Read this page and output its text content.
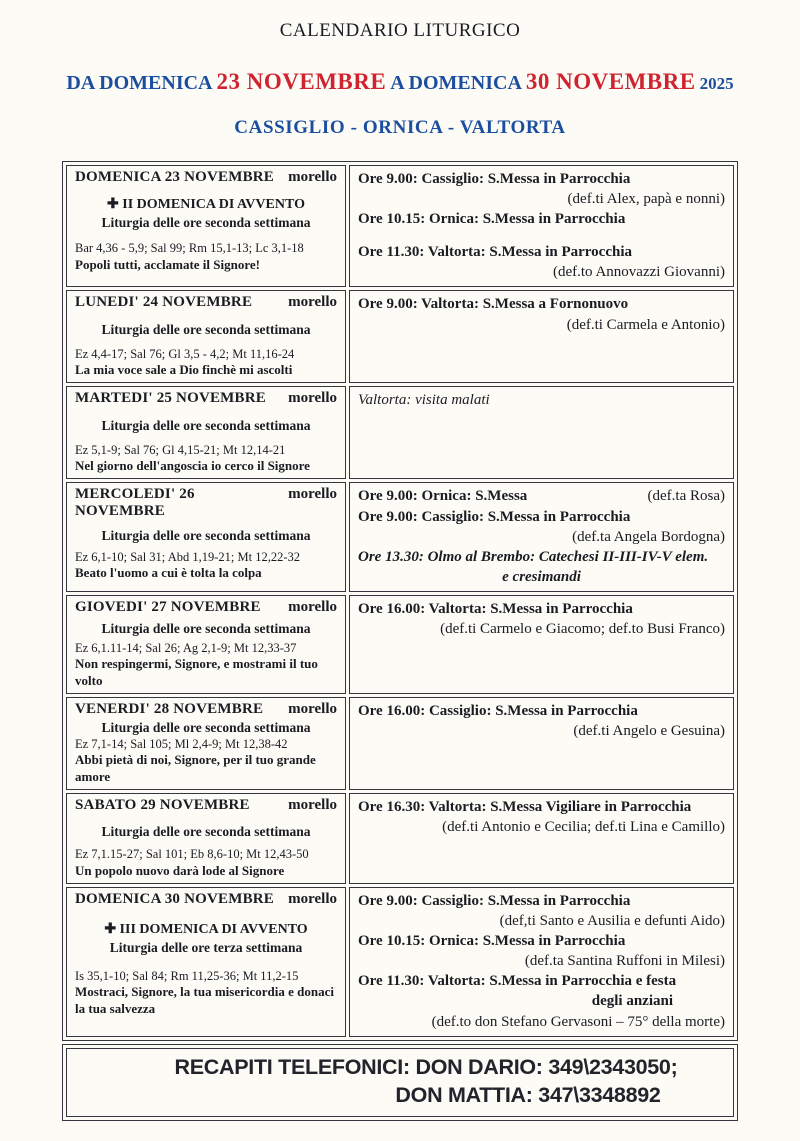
CALENDARIO LITURGICO
DA DOMENICA 23 NOVEMBRE A DOMENICA 30 NOVEMBRE 2025
CASSIGLIO - ORNICA - VALTORTA
DOMENICA 23 NOVEMBRE morello
✚ II DOMENICA DI AVVENTO
Liturgia delle ore seconda settimana
Bar 4,36 - 5,9; Sal 99; Rm 15,1-13; Lc 3,1-18
Popoli tutti, acclamate il Signore!

Ore 9.00: Cassiglio: S.Messa in Parrocchia
(def.ti Alex, papà e nonni)
Ore 10.15: Ornica: S.Messa in Parrocchia
Ore 11.30: Valtorta: S.Messa in Parrocchia
(def.to Annovazzi Giovanni)

LUNEDI' 24 NOVEMBRE morello
Liturgia delle ore seconda settimana
Ez 4,4-17; Sal 76; Gl 3,5 - 4,2; Mt 11,16-24
La mia voce sale a Dio finchè mi ascolti

Ore 9.00: Valtorta: S.Messa a Fornonuovo
(def.ti Carmela e Antonio)

MARTEDI' 25 NOVEMBRE morello
Liturgia delle ore seconda settimana
Ez 5,1-9; Sal 76; Gl 4,15-21; Mt 12,14-21
Nel giorno dell'angoscia io cerco il Signore	Valtorta: visita malati

MERCOLEDI' 26 NOVEMBRE
morello
Liturgia delle ore seconda settimana
Ez 6,1-10; Sal 31; Abd 1,19-21; Mt 12,22-32
Beato l'uomo a cui è tolta la colpa

Ore 9.00: Ornica: S.Messa	(def.ta Rosa)
Ore 9.00: Cassiglio: S.Messa in Parrocchia
(def.ta Angela Bordogna)
Ore 13.30: Olmo al Brembo: Catechesi II-III-IV-V elem.
e cresimandi

GIOVEDI' 27 NOVEMBRE morello
Liturgia delle ore seconda settimana
Ez 6,1.11-14; Sal 26; Ag 2,1-9; Mt 12,33-37
Non respingermi, Signore, e mostrami il tuo volto

Ore 16.00: Valtorta: S.Messa in Parrocchia
(def.ti Carmelo e Giacomo; def.to Busi Franco)

VENERDI' 28 NOVEMBRE morello
Liturgia delle ore seconda settimana
Ez 7,1-14; Sal 105; Ml 2,4-9; Mt 12,38-42
Abbi pietà di noi, Signore, per il tuo grande amore

Ore 16.00: Cassiglio: S.Messa in Parrocchia
(def.ti Angelo e Gesuina)

SABATO 29 NOVEMBRE	morello
Liturgia delle ore seconda settimana
Ez 7,1.15-27; Sal 101; Eb 8,6-10; Mt 12,43-50
Un popolo nuovo darà lode al Signore

Ore 16.30: Valtorta: S.Messa Vigiliare in Parrocchia
(def.ti Antonio e Cecilia; def.ti Lina e Camillo)

DOMENICA 30 NOVEMBRE morello
✚ III DOMENICA DI AVVENTO
Liturgia delle ore terza settimana
Is 35,1-10; Sal 84; Rm 11,25-36; Mt 11,2-15
Mostraci, Signore, la tua misericordia e donaci la tua salvezza

Ore 9.00: Cassiglio: S.Messa in Parrocchia
(def,ti Santo e Ausilia e defunti Aido)
Ore 10.15: Ornica: S.Messa in Parrocchia
(def.ta Santina Ruffoni in Milesi)
Ore 11.30: Valtorta: S.Messa in Parrocchia e festa
degli anziani
(def.to don Stefano Gervasoni – 75° della morte)
RECAPITI TELEFONICI: DON DARIO: 349\2343050;
DON MATTIA: 347\3348892
